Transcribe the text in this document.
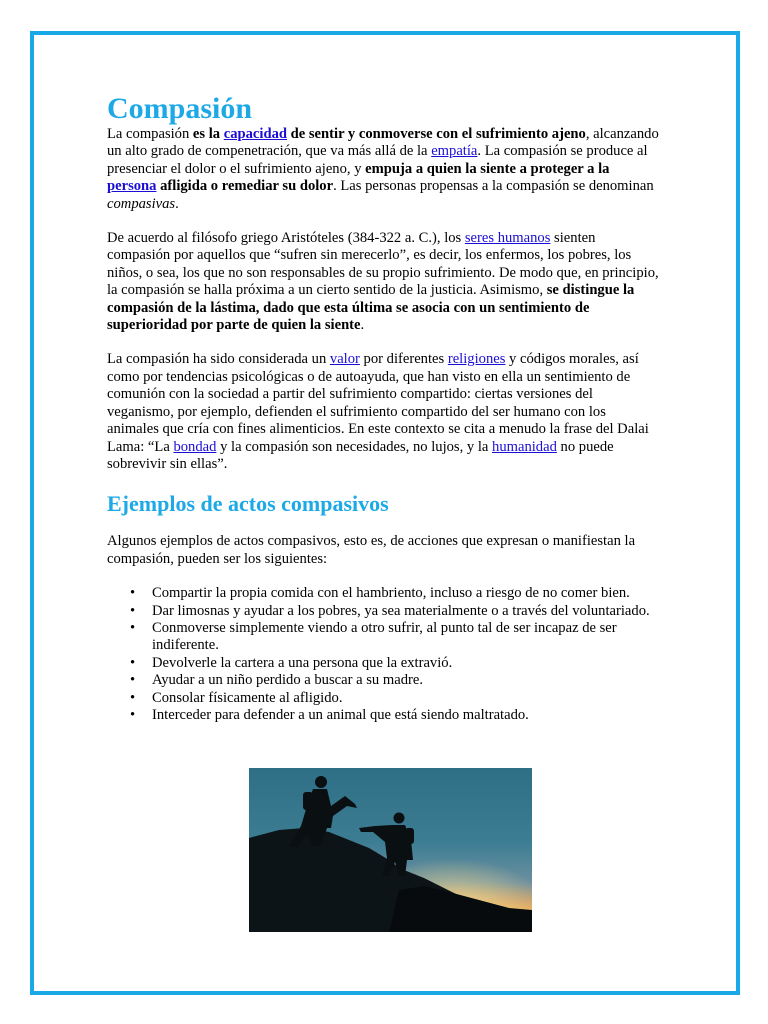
Compasión

La compasión es la capacidad de sentir y conmoverse con el sufrimiento ajeno, alcanzando un alto grado de compenetración, que va más allá de la empatía. La compasión se produce al presenciar el dolor o el sufrimiento ajeno, y empuja a quien la siente a proteger a la persona afligida o remediar su dolor. Las personas propensas a la compasión se denominan compasivas.

De acuerdo al filósofo griego Aristóteles (384-322 a. C.), los seres humanos sienten compasión por aquellos que “sufren sin merecerlo”, es decir, los enfermos, los pobres, los niños, o sea, los que no son responsables de su propio sufrimiento. De modo que, en principio, la compasión se halla próxima a un cierto sentido de la justicia. Asimismo, se distingue la compasión de la lástima, dado que esta última se asocia con un sentimiento de superioridad por parte de quien la siente.

La compasión ha sido considerada un valor por diferentes religiones y códigos morales, así como por tendencias psicológicas o de autoayuda, que han visto en ella un sentimiento de comunión con la sociedad a partir del sufrimiento compartido: ciertas versiones del veganismo, por ejemplo, defienden el sufrimiento compartido del ser humano con los animales que cría con fines alimenticios. En este contexto se cita a menudo la frase del Dalai Lama: “La bondad y la compasión son necesidades, no lujos, y la humanidad no puede sobrevivir sin ellas”.

Ejemplos de actos compasivos

Algunos ejemplos de actos compasivos, esto es, de acciones que expresan o manifiestan la compasión, pueden ser los siguientes:

• Compartir la propia comida con el hambriento, incluso a riesgo de no comer bien.
• Dar limosnas y ayudar a los pobres, ya sea materialmente o a través del voluntariado.
• Conmoverse simplemente viendo a otro sufrir, al punto tal de ser incapaz de ser indiferente.
• Devolverle la cartera a una persona que la extravió.
• Ayudar a un niño perdido a buscar a su madre.
• Consolar físicamente al afligido.
• Interceder para defender a un animal que está siendo maltratado.
